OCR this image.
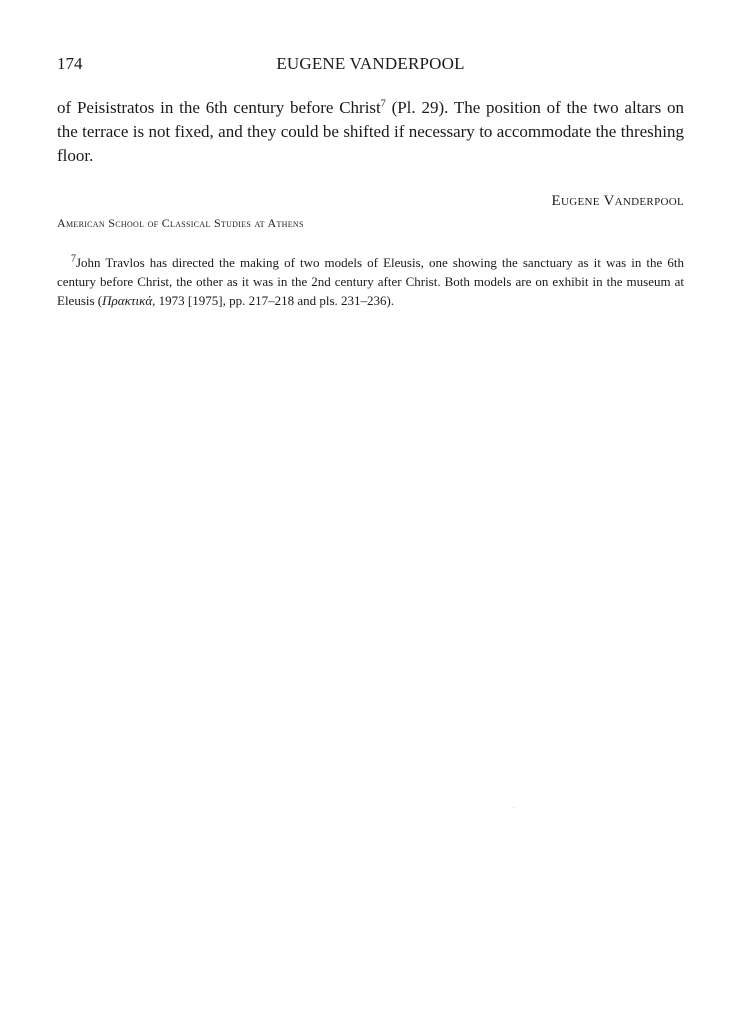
174	EUGENE VANDERPOOL

of Peisistratos in the 6th century before Christ$^7$ (Pl. 29). The position of the two altars on the terrace is not fixed, and they could be shifted if necessary to accommodate the threshing floor.

Eugene Vanderpool
American School of Classical Studies at Athens

$^7$John Travlos has directed the making of two models of Eleusis, one showing the sanctuary as it was in the 6th century before Christ, the other as it was in the 2nd century after Christ. Both models are on exhibit in the museum at Eleusis (Πρακτικά, 1973 [1975], pp. 217–218 and pls. 231–236).
